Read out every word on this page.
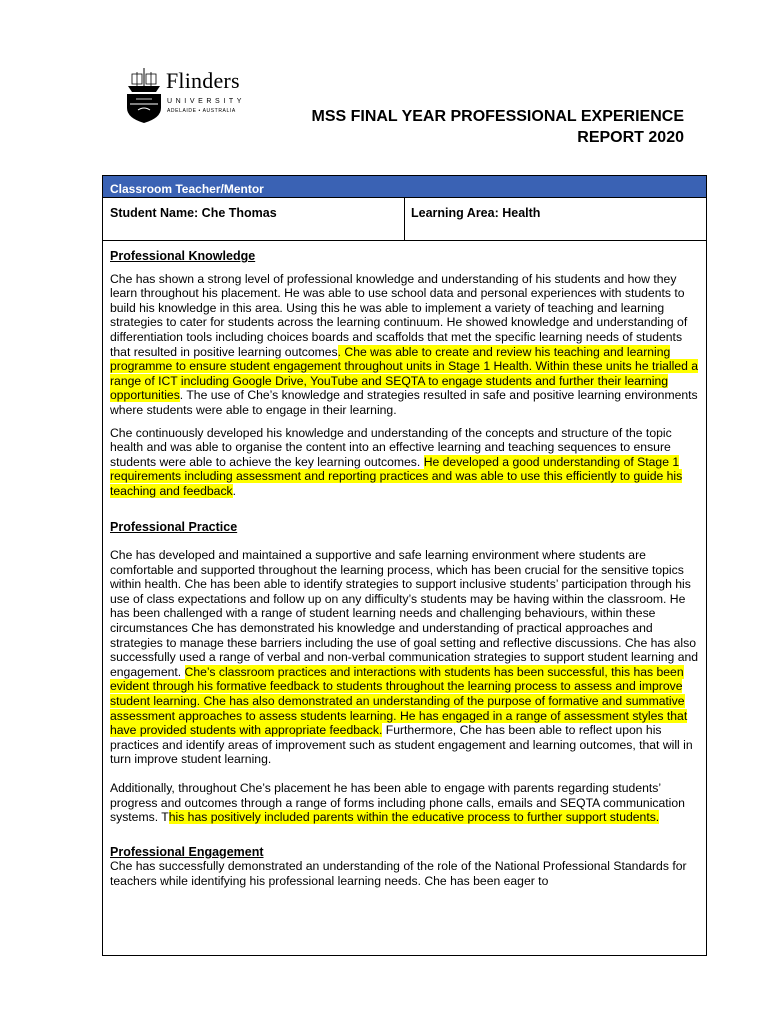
Flinders
UNIVERSITY
ADELAIDE • AUSTRALIA	MSS FINAL YEAR PROFESSIONAL EXPERIENCE
REPORT 2020
Classroom Teacher/Mentor
Student Name: Che Thomas	Learning Area: Health
Professional Knowledge

Che has shown a strong level of professional knowledge and understanding of his students and how they learn throughout his placement. He was able to use school data and personal experiences with students to build his knowledge in this area. Using this he was able to implement a variety of teaching and learning strategies to cater for students across the learning continuum. He showed knowledge and understanding of differentiation tools including choices boards and scaffolds that met the specific learning needs of students that resulted in positive learning outcomes. Che was able to create and review his teaching and learning programme to ensure student engagement throughout units in Stage 1 Health. Within these units he trialled a range of ICT including Google Drive, YouTube and SEQTA to engage students and further their learning opportunities. The use of Che’s knowledge and strategies resulted in safe and positive learning environments where students were able to engage in their learning.

Che continuously developed his knowledge and understanding of the concepts and structure of the topic health and was able to organise the content into an effective learning and teaching sequences to ensure students were able to achieve the key learning outcomes. He developed a good understanding of Stage 1 requirements including assessment and reporting practices and was able to use this efficiently to guide his teaching and feedback.

Professional Practice

Che has developed and maintained a supportive and safe learning environment where students are comfortable and supported throughout the learning process, which has been crucial for the sensitive topics within health. Che has been able to identify strategies to support inclusive students’ participation through his use of class expectations and follow up on any difficulty’s students may be having within the classroom. He has been challenged with a range of student learning needs and challenging behaviours, within these circumstances Che has demonstrated his knowledge and understanding of practical approaches and strategies to manage these barriers including the use of goal setting and reflective discussions. Che has also successfully used a range of verbal and non-verbal communication strategies to support student learning and engagement. Che’s classroom practices and interactions with students has been successful, this has been evident through his formative feedback to students throughout the learning process to assess and improve student learning. Che has also demonstrated an understanding of the purpose of formative and summative assessment approaches to assess students learning. He has engaged in a range of assessment styles that have provided students with appropriate feedback. Furthermore, Che has been able to reflect upon his practices and identify areas of improvement such as student engagement and learning outcomes, that will in turn improve student learning.

Additionally, throughout Che’s placement he has been able to engage with parents regarding students’ progress and outcomes through a range of forms including phone calls, emails and SEQTA communication systems. This has positively included parents within the educative process to further support students.

Professional Engagement

Che has successfully demonstrated an understanding of the role of the National Professional Standards for teachers while identifying his professional learning needs. Che has been eager to
